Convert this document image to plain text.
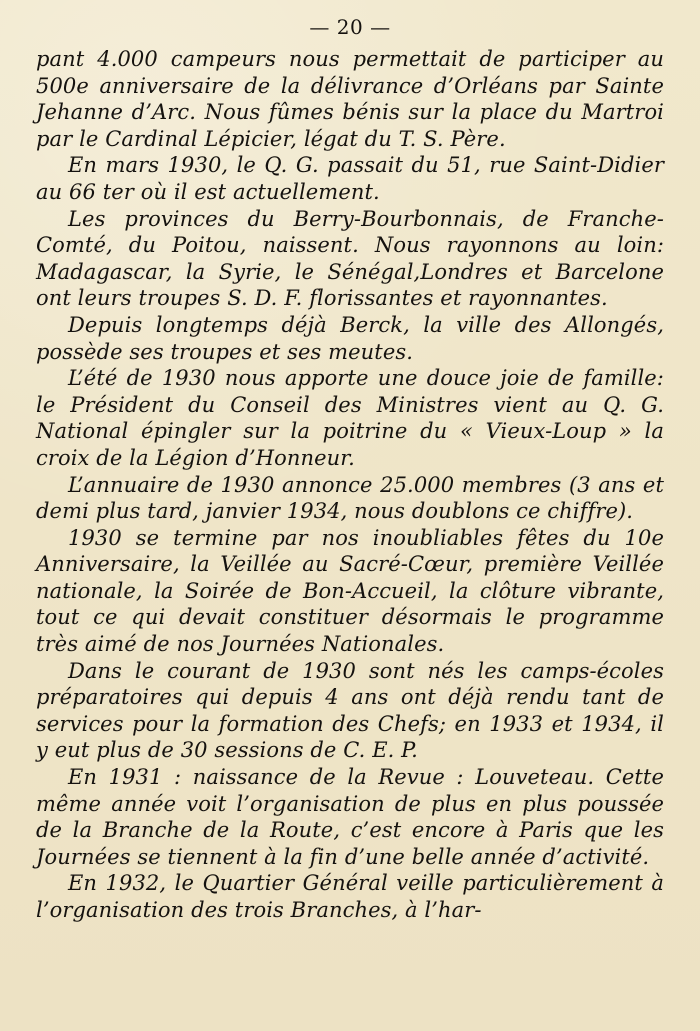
— 20 —

pant 4.000 campeurs nous permettait de participer au 500e anniversaire de la délivrance d’Orléans par Sainte Jehanne d’Arc. Nous fûmes bénis sur la place du Martroi par le Cardinal Lépicier, légat du T. S. Père.

En mars 1930, le Q. G. passait du 51, rue Saint-Didier au 66 ter où il est actuellement.

Les provinces du Berry-Bourbonnais, de Franche-Comté, du Poitou, naissent. Nous rayonnons au loin: Madagascar, la Syrie, le Sénégal,Londres et Barcelone ont leurs troupes S. D. F. florissantes et rayonnantes.

Depuis longtemps déjà Berck, la ville des Allongés, possède ses troupes et ses meutes.

L’été de 1930 nous apporte une douce joie de famille: le Président du Conseil des Ministres vient au Q. G. National épingler sur la poitrine du « Vieux-Loup » la croix de la Légion d’Honneur.

L’annuaire de 1930 annonce 25.000 membres (3 ans et demi plus tard, janvier 1934, nous doublons ce chiffre).

1930 se termine par nos inoubliables fêtes du 10e Anniversaire, la Veillée au Sacré-Cœur, première Veillée nationale, la Soirée de Bon-Accueil, la clôture vibrante, tout ce qui devait constituer désormais le programme très aimé de nos Journées Nationales.

Dans le courant de 1930 sont nés les camps-écoles préparatoires qui depuis 4 ans ont déjà rendu tant de services pour la formation des Chefs; en 1933 et 1934, il y eut plus de 30 sessions de C. E. P.

En 1931 : naissance de la Revue : Louveteau. Cette même année voit l’organisation de plus en plus poussée de la Branche de la Route, c’est encore à Paris que les Journées se tiennent à la fin d’une belle année d’activité.

En 1932, le Quartier Général veille particulièrement à l’organisation des trois Branches, à l’har-
